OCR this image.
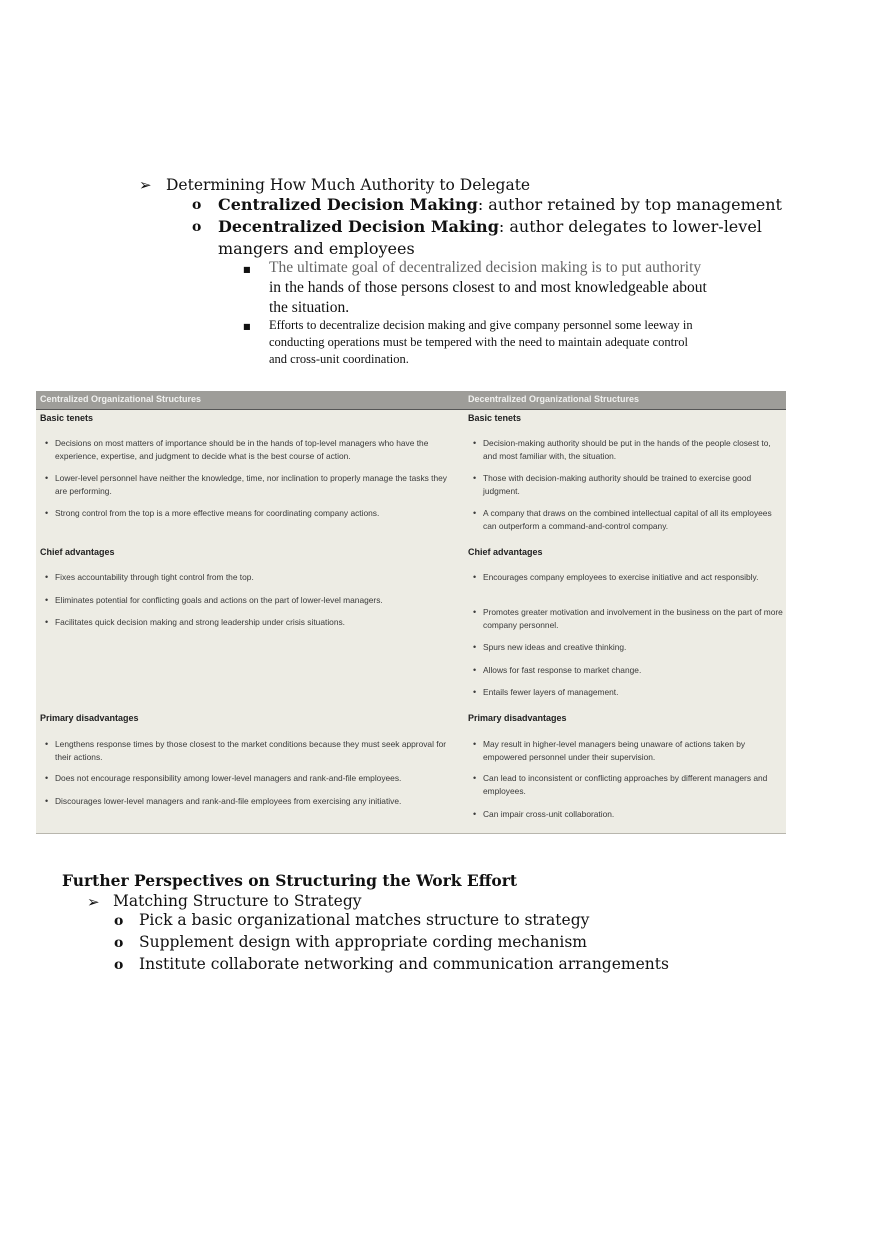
➢ Determining How Much Authority to Delegate
o Centralized Decision Making: author retained by top management
o Decentralized Decision Making: author delegates to lower-level
mangers and employees
■ The ultimate goal of decentralized decision making is to put authority
in the hands of those persons closest to and most knowledgeable about
the situation.
■ Efforts to decentralize decision making and give company personnel some leeway in
conducting operations must be tempered with the need to maintain adequate control
and cross-unit coordination.
Centralized Organizational Structures	Decentralized Organizational Structures
Basic tenets
• Decisions on most matters of importance should be in the hands of top-level managers who have the experience, expertise, and judgment to decide what is the best course of action.
• Lower-level personnel have neither the knowledge, time, nor inclination to properly manage the tasks they are performing.
• Strong control from the top is a more effective means for coordinating company actions.
Chief advantages
• Fixes accountability through tight control from the top.
• Eliminates potential for conflicting goals and actions on the part of lower-level managers.
• Facilitates quick decision making and strong leadership under crisis situations.
Primary disadvantages
• Lengthens response times by those closest to the market conditions because they must seek approval for their actions.
• Does not encourage responsibility among lower-level managers and rank-and-file employees.
• Discourages lower-level managers and rank-and-file employees from exercising any initiative.
Basic tenets
• Decision-making authority should be put in the hands of the people closest to, and most familiar with, the situation.
• Those with decision-making authority should be trained to exercise good judgment.
• A company that draws on the combined intellectual capital of all its employees can outperform a command-and-control company.
Chief advantages
• Encourages company employees to exercise initiative and act responsibly.
• Promotes greater motivation and involvement in the business on the part of more company personnel.
• Spurs new ideas and creative thinking.
• Allows for fast response to market change.
• Entails fewer layers of management.
Primary disadvantages
• May result in higher-level managers being unaware of actions taken by empowered personnel under their supervision.
• Can lead to inconsistent or conflicting approaches by different managers and employees.
• Can impair cross-unit collaboration.
Further Perspectives on Structuring the Work Effort
➢ Matching Structure to Strategy
o Pick a basic organizational matches structure to strategy
o Supplement design with appropriate cording mechanism
o Institute collaborate networking and communication arrangements
